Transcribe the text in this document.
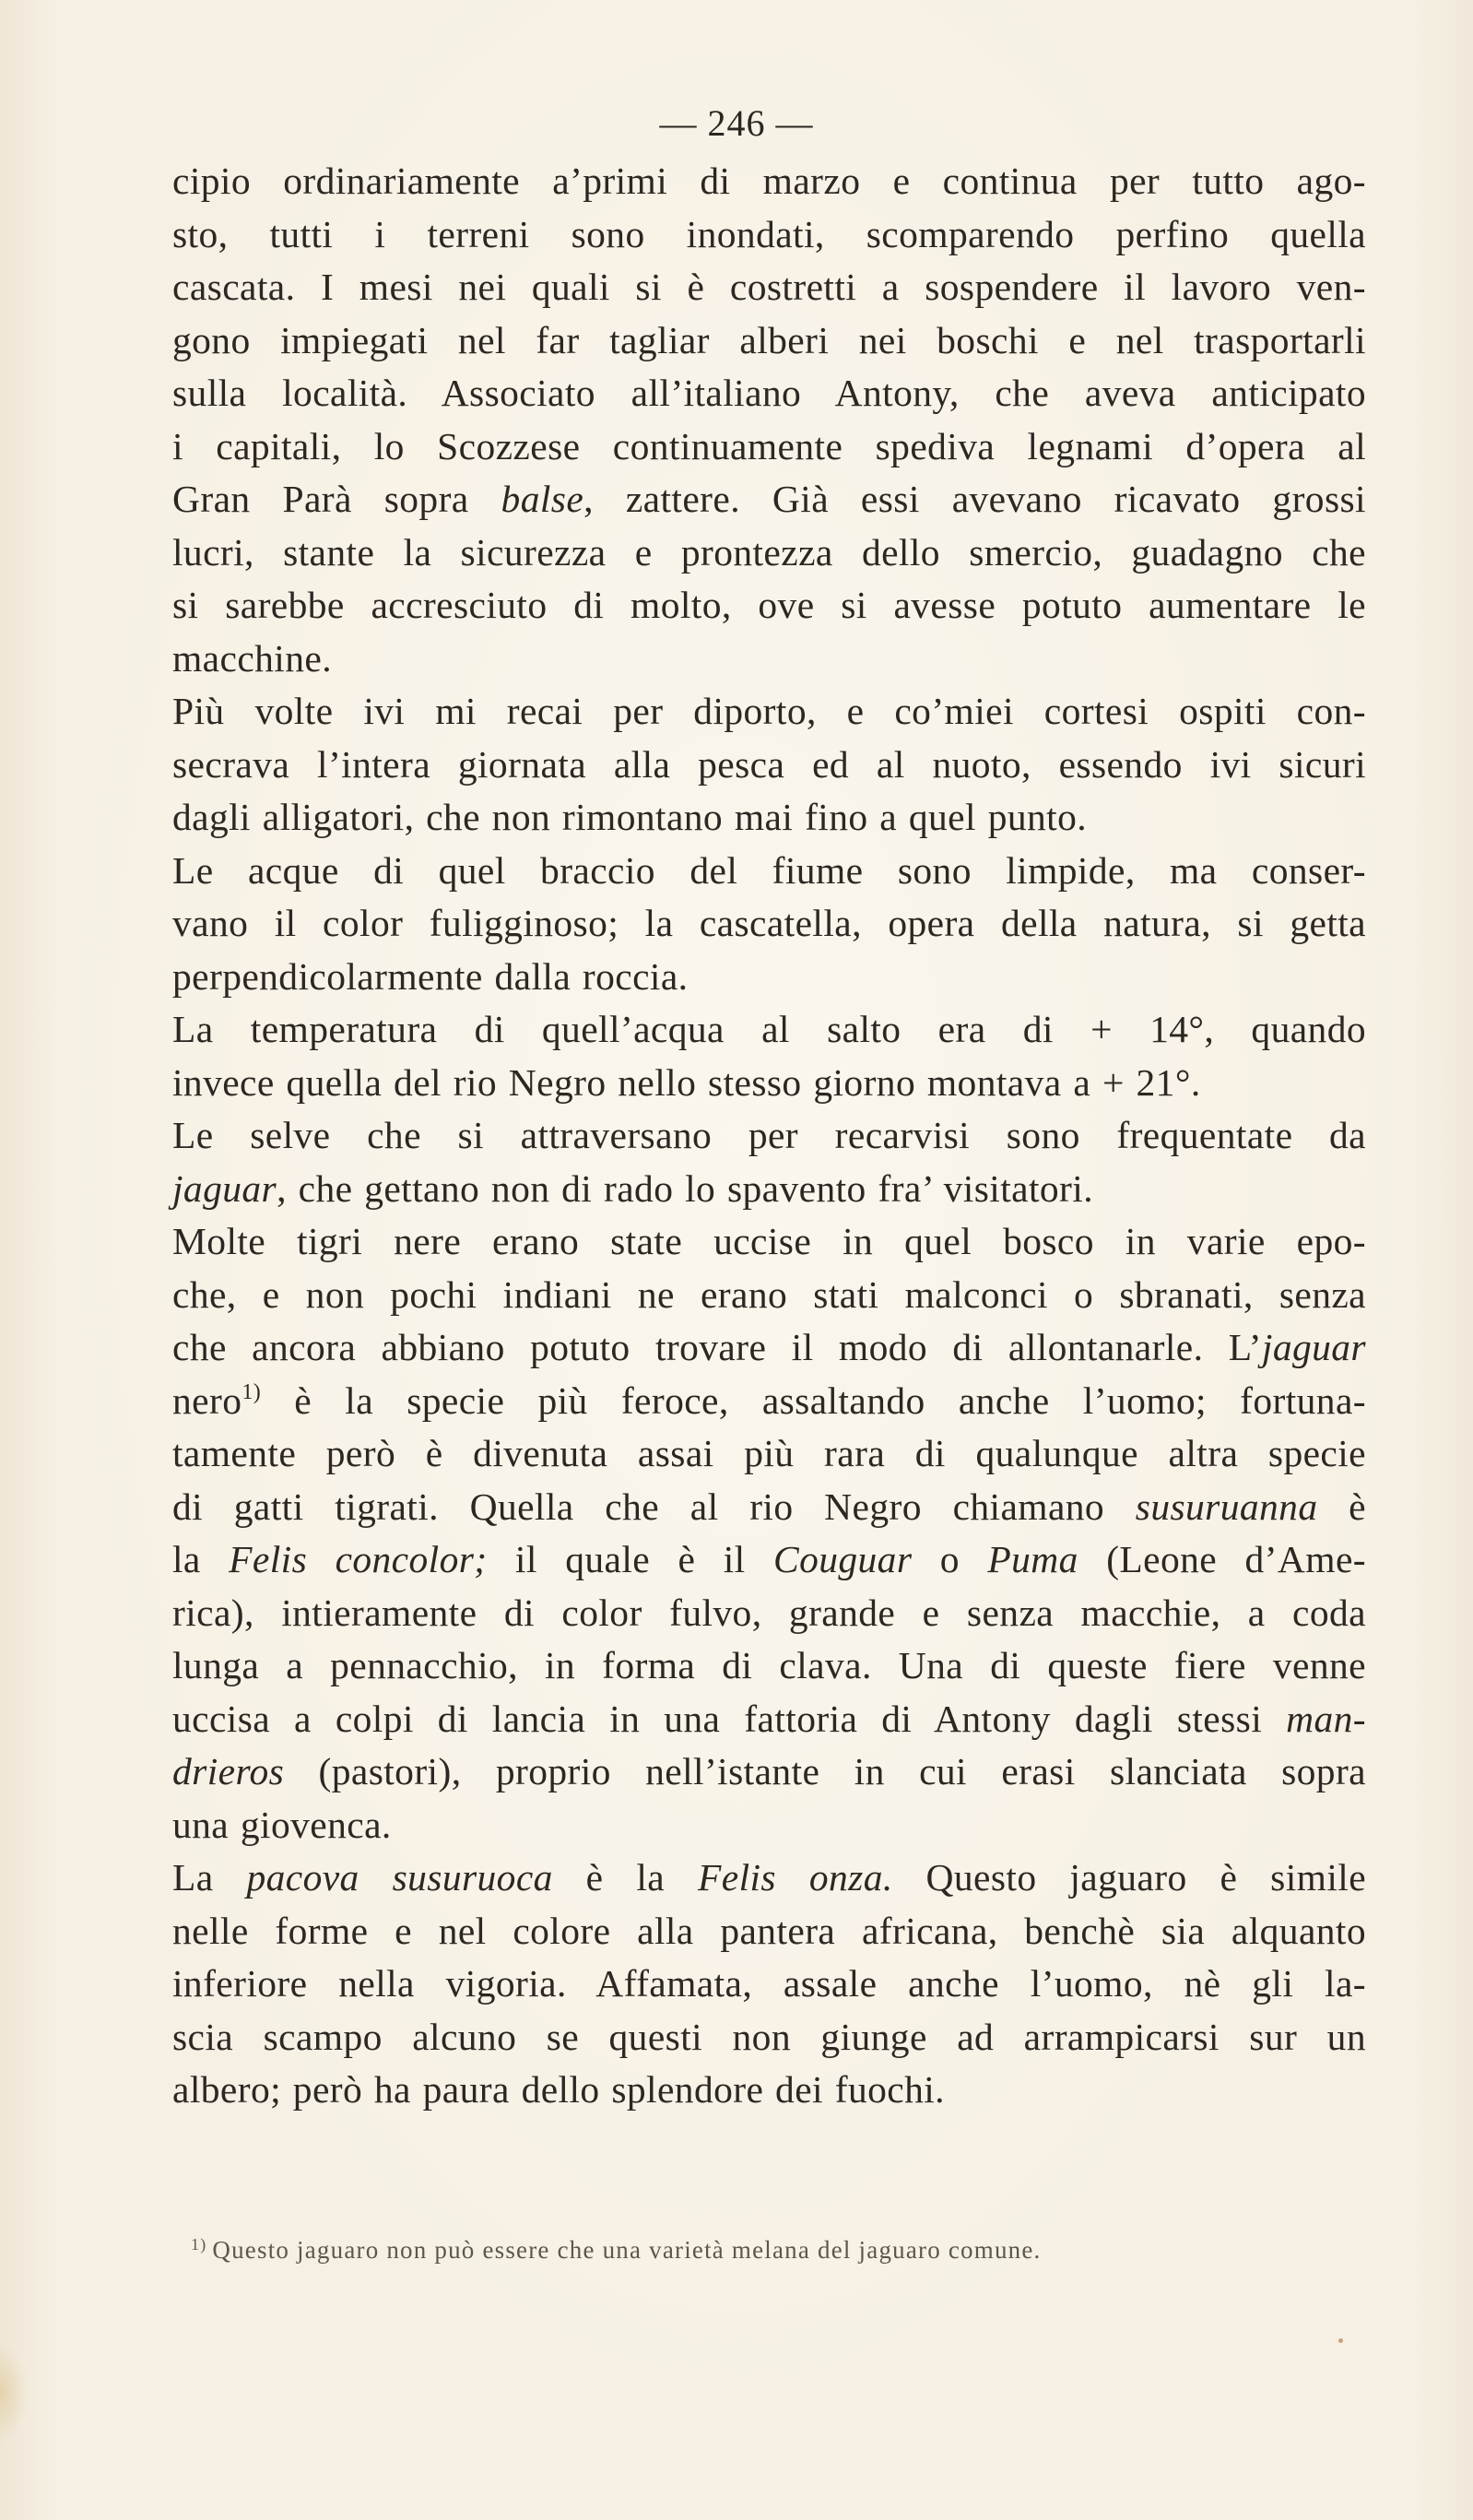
— 246 —
cipio ordinariamente a’primi di marzo e continua per tutto ago-
sto, tutti i terreni sono inondati, scomparendo perfino quella
cascata. I mesi nei quali si è costretti a sospendere il lavoro ven-
gono impiegati nel far tagliar alberi nei boschi e nel trasportarli
sulla località. Associato all’italiano Antony, che aveva anticipato
i capitali, lo Scozzese continuamente spediva legnami d’opera al
Gran Parà sopra balse, zattere. Già essi avevano ricavato grossi
lucri, stante la sicurezza e prontezza dello smercio, guadagno che
si sarebbe accresciuto di molto, ove si avesse potuto aumentare le
macchine.
Più volte ivi mi recai per diporto, e co’miei cortesi ospiti con-
secrava l’intera giornata alla pesca ed al nuoto, essendo ivi sicuri
dagli alligatori, che non rimontano mai fino a quel punto.
Le acque di quel braccio del fiume sono limpide, ma conser-
vano il color fuligginoso; la cascatella, opera della natura, si getta
perpendicolarmente dalla roccia.
La temperatura di quell’acqua al salto era di + 14°, quando
invece quella del rio Negro nello stesso giorno montava a + 21°.
Le selve che si attraversano per recarvisi sono frequentate da
jaguar, che gettano non di rado lo spavento fra’ visitatori.
Molte tigri nere erano state uccise in quel bosco in varie epo-
che, e non pochi indiani ne erano stati malconci o sbranati, senza
che ancora abbiano potuto trovare il modo di allontanarle. L’jaguar
nero$^{1)}$ è la specie più feroce, assaltando anche l’uomo; fortuna-
tamente però è divenuta assai più rara di qualunque altra specie
di gatti tigrati. Quella che al rio Negro chiamano susuruanna è
la Felis concolor; il quale è il Couguar o Puma (Leone d’Ame-
rica), intieramente di color fulvo, grande e senza macchie, a coda
lunga a pennacchio, in forma di clava. Una di queste fiere venne
uccisa a colpi di lancia in una fattoria di Antony dagli stessi man-
drieros (pastori), proprio nell’istante in cui erasi slanciata sopra
una giovenca.
La pacova susuruoca è la Felis onza. Questo jaguaro è simile
nelle forme e nel colore alla pantera africana, benchè sia alquanto
inferiore nella vigoria. Affamata, assale anche l’uomo, nè gli la-
scia scampo alcuno se questi non giunge ad arrampicarsi sur un
albero; però ha paura dello splendore dei fuochi.
$^{1)}$ Questo jaguaro non può essere che una varietà melana del jaguaro comune.
